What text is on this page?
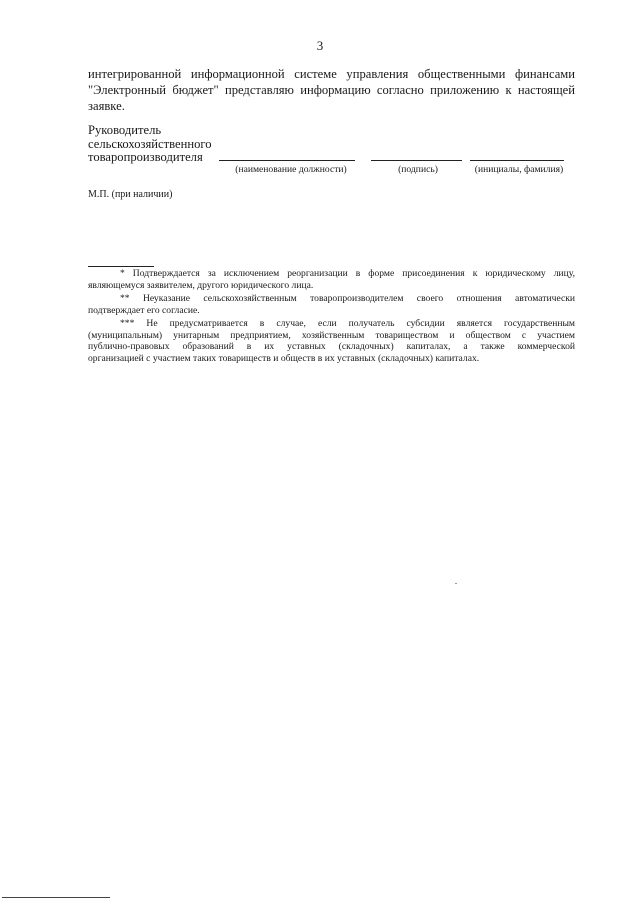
3
интегрированной информационной системе управления общественными финансами
"Электронный бюджет" представляю информацию согласно приложению к настоящей
заявке.
Руководитель
сельскохозяйственного
товаропроизводителя
(наименование должности)	(подпись)	(инициалы, фамилия)
М.П. (при наличии)
* Подтверждается за исключением реорганизации в форме присоединения к юридическому лицу,
являющемуся заявителем, другого юридического лица.
** Неуказание сельскохозяйственным товаропроизводителем своего отношения автоматически
подтверждает его согласие.
*** Не предусматривается в случае, если получатель субсидии является государственным
(муниципальным) унитарным предприятием, хозяйственным товариществом и обществом с участием
публично-правовых образований в их уставных (складочных) капиталах, а также коммерческой
организацией с участием таких товариществ и обществ в их уставных (складочных) капиталах.
